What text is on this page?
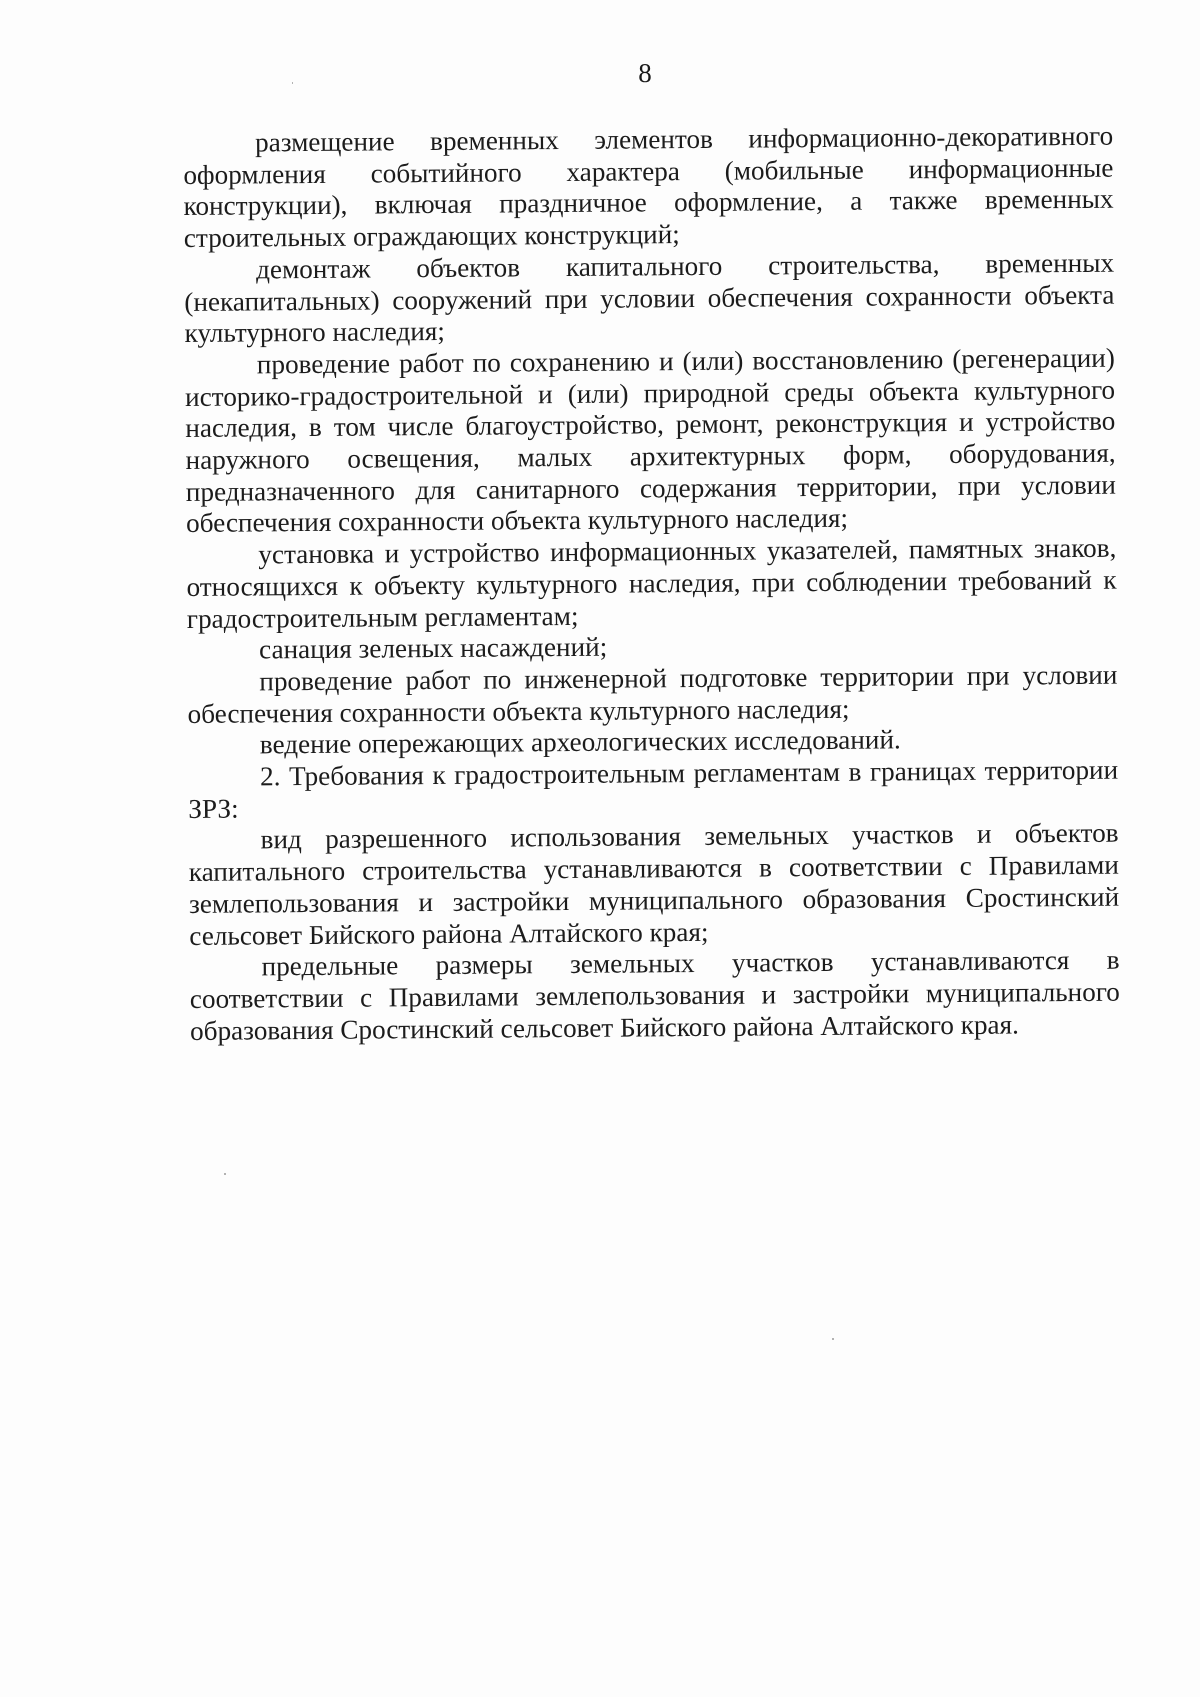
8

размещение временных элементов информационно-декоративного оформления событийного характера (мобильные информационные конструкции), включая праздничное оформление, а также временных строительных ограждающих конструкций;

демонтаж объектов капитального строительства, временных (некапитальных) сооружений при условии обеспечения сохранности объекта культурного наследия;

проведение работ по сохранению и (или) восстановлению (регенерации) историко-градостроительной и (или) природной среды объекта культурного наследия, в том числе благоустройство, ремонт, реконструкция и устройство наружного освещения, малых архитектурных форм, оборудования, предназначенного для санитарного содержания территории, при условии обеспечения сохранности объекта культурного наследия;

установка и устройство информационных указателей, памятных знаков, относящихся к объекту культурного наследия, при соблюдении требований к градостроительным регламентам;

санация зеленых насаждений;

проведение работ по инженерной подготовке территории при условии обеспечения сохранности объекта культурного наследия;

ведение опережающих археологических исследований.

2. Требования к градостроительным регламентам в границах территории ЗРЗ:

вид разрешенного использования земельных участков и объектов капитального строительства устанавливаются в соответствии с Правилами землепользования и застройки муниципального образования Сростинский сельсовет Бийского района Алтайского края;

предельные размеры земельных участков устанавливаются в соответствии с Правилами землепользования и застройки муниципального образования Сростинский сельсовет Бийского района Алтайского края.
